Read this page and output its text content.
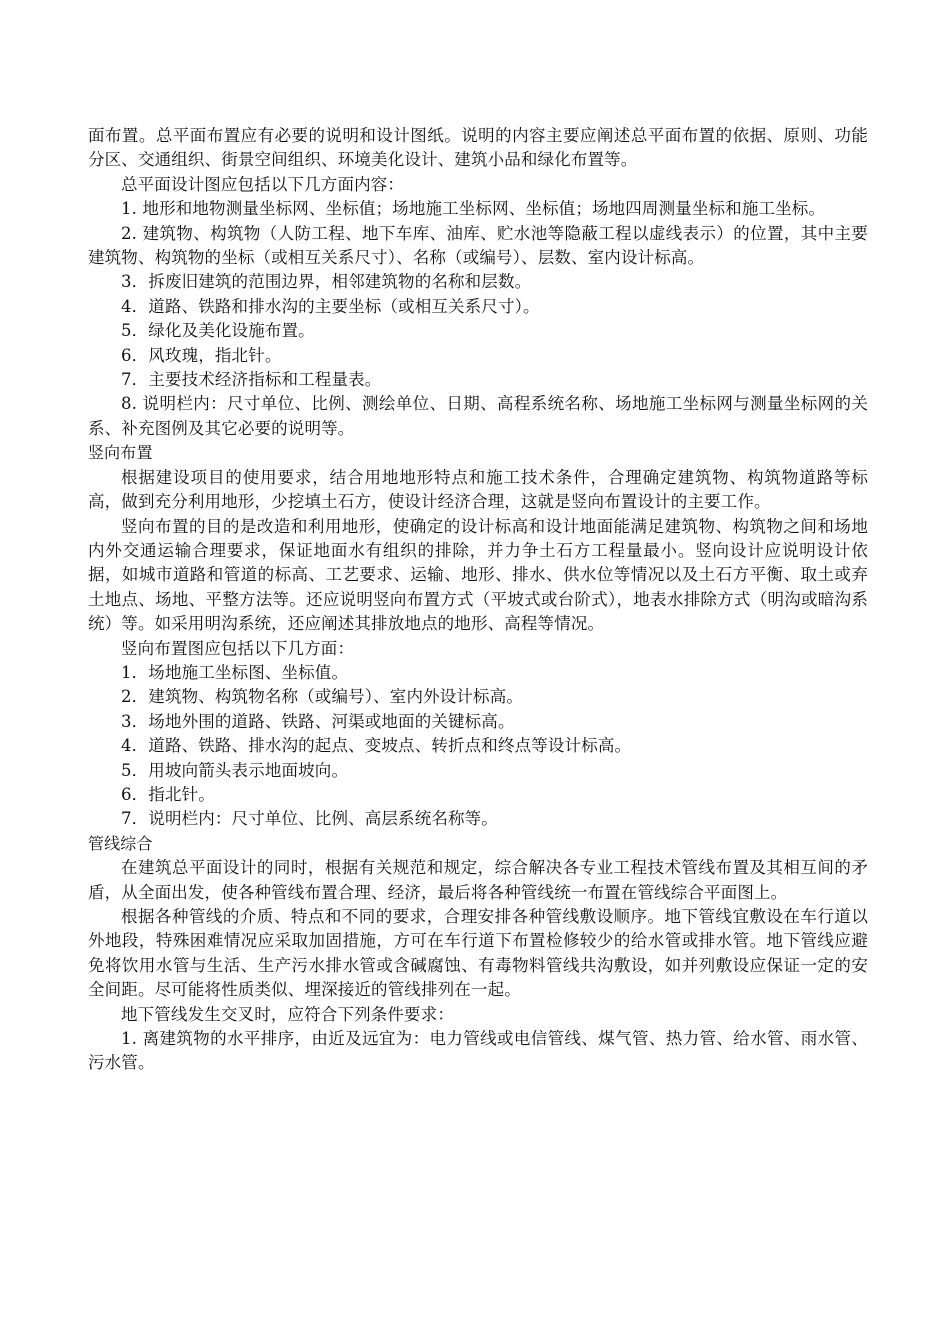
面布置。总平面布置应有必要的说明和设计图纸。说明的内容主要应阐述总平面布置的依据、原则、功能分区、交通组织、街景空间组织、环境美化设计、建筑小品和绿化布置等。

总平面设计图应包括以下几方面内容：

1. 地形和地物测量坐标网、坐标值；场地施工坐标网、坐标值；场地四周测量坐标和施工坐标。

2. 建筑物、构筑物（人防工程、地下车库、油库、贮水池等隐蔽工程以虚线表示）的位置，其中主要建筑物、构筑物的坐标（或相互关系尺寸）、名称（或编号）、层数、室内设计标高。

3．拆废旧建筑的范围边界，相邻建筑物的名称和层数。

4．道路、铁路和排水沟的主要坐标（或相互关系尺寸）。

5．绿化及美化设施布置。

6．风玫瑰，指北针。

7．主要技术经济指标和工程量表。

8. 说明栏内：尺寸单位、比例、测绘单位、日期、高程系统名称、场地施工坐标网与测量坐标网的关系、补充图例及其它必要的说明等。

竖向布置

根据建设项目的使用要求，结合用地地形特点和施工技术条件，合理确定建筑物、构筑物道路等标高，做到充分利用地形，少挖填土石方，使设计经济合理，这就是竖向布置设计的主要工作。

竖向布置的目的是改造和利用地形，使确定的设计标高和设计地面能满足建筑物、构筑物之间和场地内外交通运输合理要求，保证地面水有组织的排除，并力争土石方工程量最小。竖向设计应说明设计依据，如城市道路和管道的标高、工艺要求、运输、地形、排水、供水位等情况以及土石方平衡、取土或弃土地点、场地、平整方法等。还应说明竖向布置方式（平坡式或台阶式），地表水排除方式（明沟或暗沟系统）等。如采用明沟系统，还应阐述其排放地点的地形、高程等情况。

竖向布置图应包括以下几方面：

1．场地施工坐标图、坐标值。

2．建筑物、构筑物名称（或编号）、室内外设计标高。

3．场地外围的道路、铁路、河渠或地面的关键标高。

4．道路、铁路、排水沟的起点、变坡点、转折点和终点等设计标高。

5．用坡向箭头表示地面坡向。

6．指北针。

7．说明栏内：尺寸单位、比例、高层系统名称等。

管线综合

在建筑总平面设计的同时，根据有关规范和规定，综合解决各专业工程技术管线布置及其相互间的矛盾，从全面出发，使各种管线布置合理、经济，最后将各种管线统一布置在管线综合平面图上。

根据各种管线的介质、特点和不同的要求，合理安排各种管线敷设顺序。地下管线宜敷设在车行道以外地段，特殊困难情况应采取加固措施，方可在车行道下布置检修较少的给水管或排水管。地下管线应避免将饮用水管与生活、生产污水排水管或含碱腐蚀、有毒物料管线共沟敷设，如并列敷设应保证一定的安全间距。尽可能将性质类似、埋深接近的管线排列在一起。

地下管线发生交叉时，应符合下列条件要求：

1. 离建筑物的水平排序，由近及远宜为：电力管线或电信管线、煤气管、热力管、给水管、雨水管、污水管。
